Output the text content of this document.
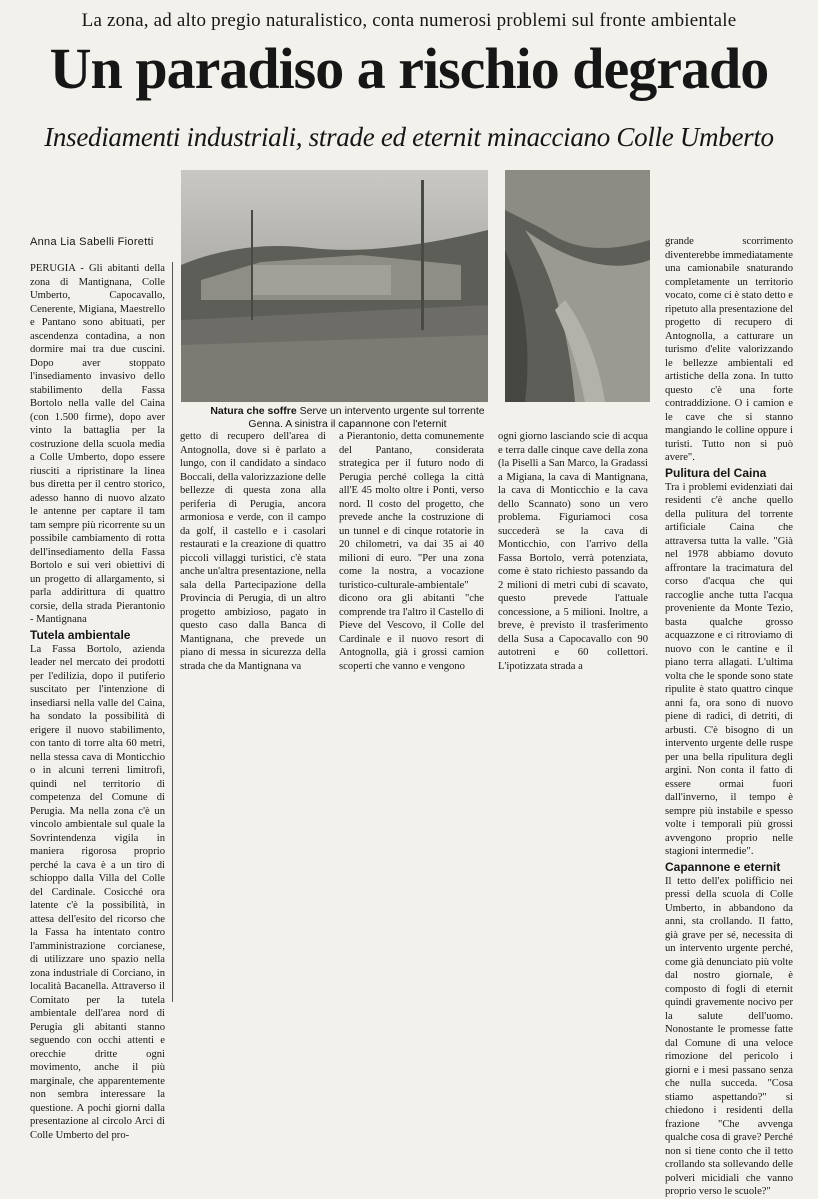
La zona, ad alto pregio naturalistico, conta numerosi problemi sul fronte ambientale
Un paradiso a rischio degrado
Insediamenti industriali, strade ed eternit minacciano Colle Umberto
Natura che soffre Serve un intervento urgente sul torrente Genna. A sinistra il capannone con l'eternit
Anna Lia Sabelli Fioretti

PERUGIA - Gli abitanti della zona di Mantignana, Colle Umberto, Capocavallo, Cenerente, Migiana, Maestrello e Pantano sono abituati, per ascendenza contadina, a non dormire mai tra due cuscini. Dopo aver stoppato l'insediamento invasivo dello stabilimento della Fassa Bortolo nella valle del Caina (con 1.500 firme), dopo aver vinto la battaglia per la costruzione della scuola media a Colle Umberto, dopo essere riusciti a ripristinare la linea bus diretta per il centro storico, adesso hanno di nuovo alzato le antenne per captare il tam tam sempre più ricorrente su un possibile cambiamento di rotta dell'insediamento della Fassa Bortolo e sui veri obiettivi di un progetto di allargamento, si parla addirittura di quattro corsie, della strada Pierantonio - Mantignana

Tutela ambientale

La Fassa Bortolo, azienda leader nel mercato dei prodotti per l'edilizia, dopo il putiferio suscitato per l'intenzione di insediarsi nella valle del Caina, ha sondato la possibilità di erigere il nuovo stabilimento, con tanto di torre alta 60 metri, nella stessa cava di Monticchio o in alcuni terreni limitrofi, quindi nel territorio di competenza del Comune di Perugia. Ma nella zona c'è un vincolo ambientale sul quale la Sovrintendenza vigila in maniera rigorosa proprio perché la cava è a un tiro di schioppo dalla Villa del Colle del Cardinale. Cosicché ora latente c'è la possibilità, in attesa dell'esito del ricorso che la Fassa ha intentato contro l'amministrazione corcianese, di utilizzare uno spazio nella zona industriale di Corciano, in località Bacanella. Attraverso il Comitato per la tutela ambientale dell'area nord di Perugia gli abitanti stanno seguendo con occhi attenti e orecchie dritte ogni movimento, anche il più marginale, che apparentemente non sembra interessare la questione. A pochi giorni dalla presentazione al circolo Arci di Colle Umberto del pro-

getto di recupero dell'area di Antognolla, dove si è parlato a lungo, con il candidato a sindaco Boccali, della valorizzazione delle bellezze di questa zona alla periferia di Perugia, ancora armoniosa e verde, con il campo da golf, il castello e i casolari restaurati e la creazione di quattro piccoli villaggi turistici, c'è stata anche un'altra presentazione, nella sala della Partecipazione della Provincia di Perugia, di un altro progetto ambizioso, pagato in questo caso dalla Banca di Mantignana, che prevede un piano di messa in sicurezza della strada che da Mantignana va

a Pierantonio, detta comunemente del Pantano, considerata strategica per il futuro nodo di Perugia perché collega la città all'E 45 molto oltre i Ponti, verso nord. Il costo del progetto, che prevede anche la costruzione di un tunnel e di cinque rotatorie in 20 chilometri, va dai 35 ai 40 milioni di euro. "Per una zona come la nostra, a vocazione turistico-culturale-ambientale" dicono ora gli abitanti "che comprende tra l'altro il Castello di Pieve del Vescovo, il Colle del Cardinale e il nuovo resort di Antognolla, già i grossi camion scoperti che vanno e vengono

ogni giorno lasciando scie di acqua e terra dalle cinque cave della zona (la Piselli a San Marco, la Gradassi a Migiana, la cava di Mantignana, la cava di Monticchio e la cava dello Scannato) sono un vero problema. Figuriamoci cosa succederà se la cava di Monticchio, con l'arrivo della Fassa Bortolo, verrà potenziata, come è stato richiesto passando da 2 milioni di metri cubi di scavato, questo prevede l'attuale concessione, a 5 milioni. Inoltre, a breve, è previsto il trasferimento della Susa a Capocavallo con 90 autotreni e 60 collettori. L'ipotizzata strada a

grande scorrimento diventerebbe immediatamente una camionabile snaturando completamente un territorio vocato, come ci è stato detto e ripetuto alla presentazione del progetto di recupero di Antognolla, a catturare un turismo d'elite valorizzando le bellezze ambientali ed artistiche della zona. In tutto questo c'è una forte contraddizione. O i camion e le cave che si stanno mangiando le colline oppure i turisti. Tutto non si può avere".

Pulitura del Caina

Tra i problemi evidenziati dai residenti c'è anche quello della pulitura del torrente artificiale Caina che attraversa tutta la valle. "Già nel 1978 abbiamo dovuto affrontare la tracimatura del corso d'acqua che qui raccoglie anche tutta l'acqua proveniente da Monte Tezio, basta qualche grosso acquazzone e ci ritroviamo di nuovo con le cantine e il piano terra allagati. L'ultima volta che le sponde sono state ripulite è stato quattro cinque anni fa, ora sono di nuovo piene di radici, di detriti, di arbusti. C'è bisogno di un intervento urgente delle ruspe per una bella ripulitura degli argini. Non conta il fatto di essere ormai fuori dall'inverno, il tempo è sempre più instabile e spesso volte i temporali più grossi avvengono proprio nelle stagioni intermedie".

Capannone e eternit

Il tetto dell'ex polifficio nei pressi della scuola di Colle Umberto, in abbandono da anni, sta crollando. Il fatto, già grave per sé, necessita di un intervento urgente perché, come già denunciato più volte dal nostro giornale, è composto di fogli di eternit quindi gravemente nocivo per la salute dell'uomo. Nonostante le promesse fatte dal Comune di una veloce rimozione del pericolo i giorni e i mesi passano senza che nulla succeda. "Cosa stiamo aspettando?" si chiedono i residenti della frazione "Che avvenga qualche cosa di grave? Perché non si tiene conto che il tetto crollando sta sollevando delle polveri micidiali che vanno proprio verso le scuole?"
